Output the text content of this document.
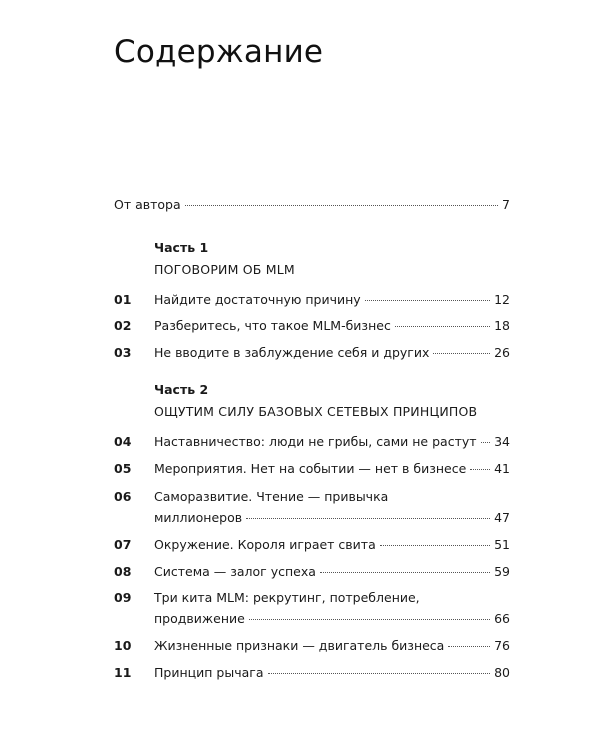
Содержание
От автора	7
Часть 1
ПОГОВОРИМ ОБ MLM
01	Найдите достаточную причину	12
02	Разберитесь, что такое MLM-бизнес	18
03	Не вводите в заблуждение себя и других	26
Часть 2
ОЩУТИМ СИЛУ БАЗОВЫХ СЕТЕВЫХ ПРИНЦИПОВ
04	Наставничество: люди не грибы, сами не растут 34
05	Мероприятия. Нет на событии — нет в бизнесе 41
06	Саморазвитие. Чтение — привычка
миллионеров	47
07	Окружение. Короля играет свита	51
08	Система — залог успеха	59
09	Три кита MLM: рекрутинг, потребление,
продвижение	66
10	Жизненные признаки — двигатель бизнеса	76
11	Принцип рычага	80
